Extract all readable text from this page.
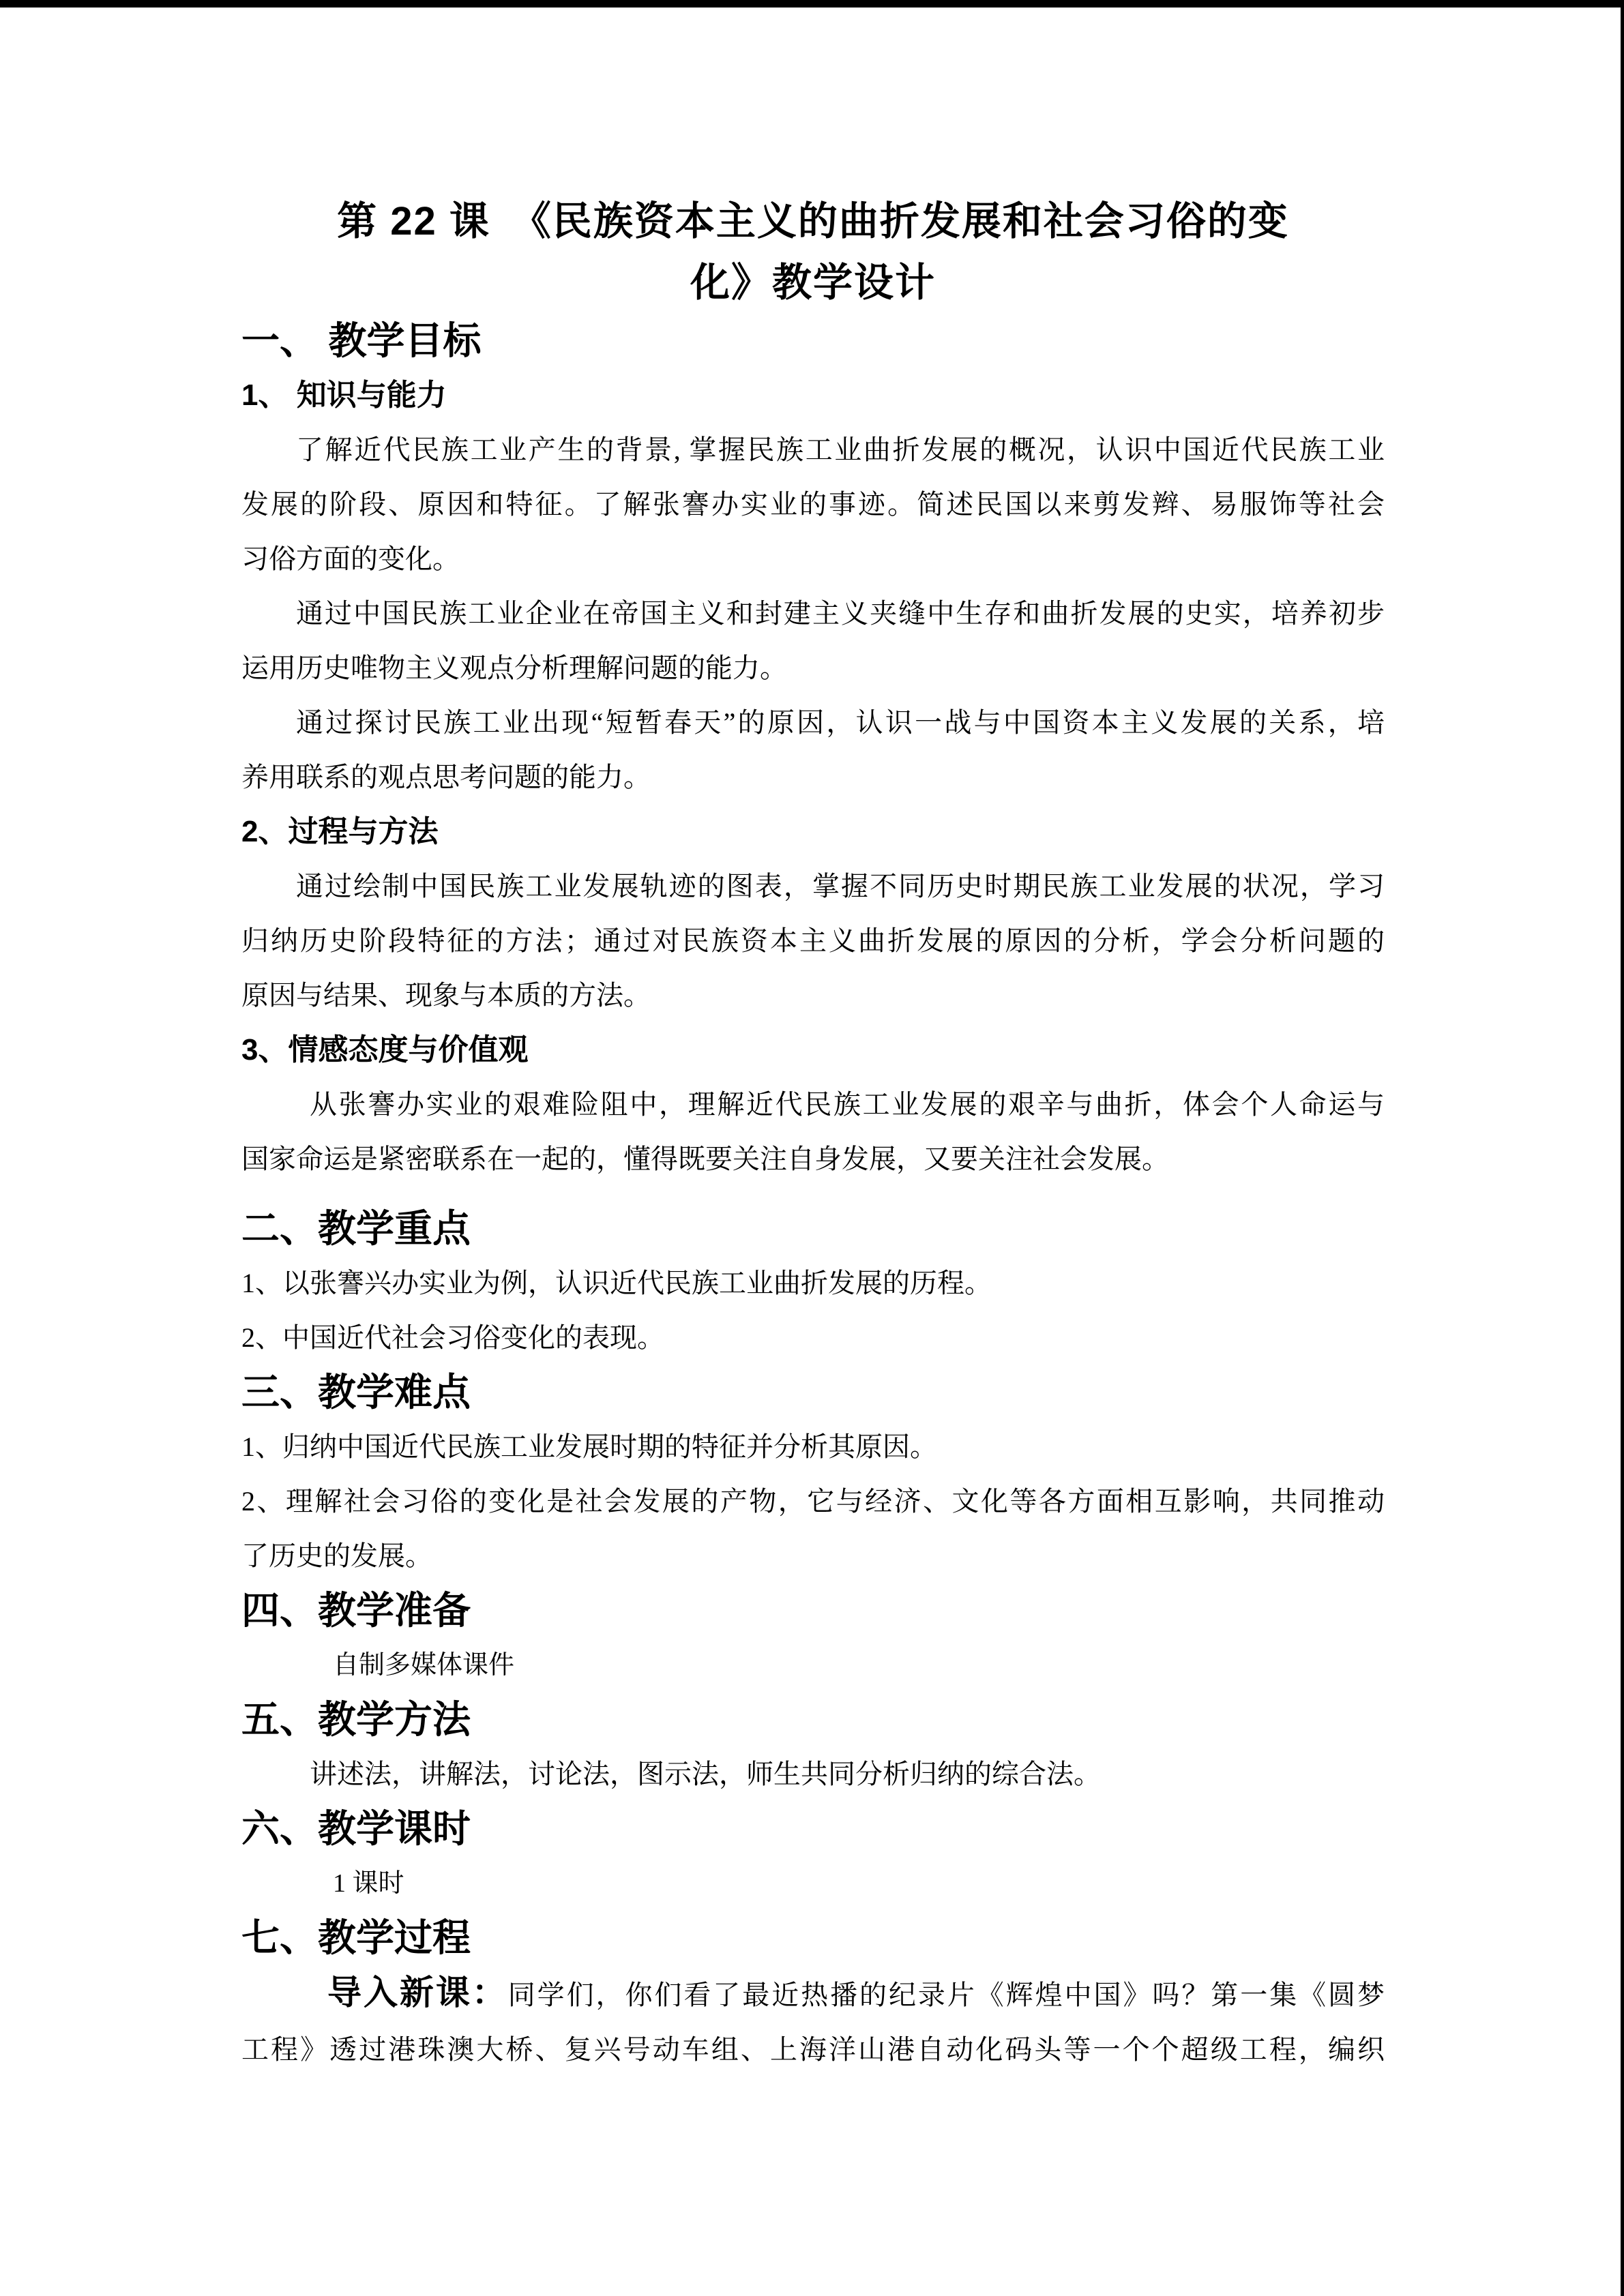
第 22 课　《民族资本主义的曲折发展和社会习俗的变
化》教学设计
一、 教学目标
1、 知识与能力
了解近代民族工业产生的背景, 掌握民族工业曲折发展的概况，认识中国近代民族工业
发展的阶段、原因和特征。了解张謇办实业的事迹。简述民国以来剪发辫、易服饰等社会
习俗方面的变化。
通过中国民族工业企业在帝国主义和封建主义夹缝中生存和曲折发展的史实，培养初步
运用历史唯物主义观点分析理解问题的能力。
通过探讨民族工业出现“短暂春天”的原因，认识一战与中国资本主义发展的关系，培
养用联系的观点思考问题的能力。
2、过程与方法
通过绘制中国民族工业发展轨迹的图表，掌握不同历史时期民族工业发展的状况，学习
归纳历史阶段特征的方法；通过对民族资本主义曲折发展的原因的分析，学会分析问题的
原因与结果、现象与本质的方法。
3、情感态度与价值观
从张謇办实业的艰难险阻中，理解近代民族工业发展的艰辛与曲折，体会个人命运与
国家命运是紧密联系在一起的，懂得既要关注自身发展，又要关注社会发展。
二、教学重点
1、以张謇兴办实业为例，认识近代民族工业曲折发展的历程。
2、中国近代社会习俗变化的表现。
三、教学难点
1、归纳中国近代民族工业发展时期的特征并分析其原因。
2、理解社会习俗的变化是社会发展的产物，它与经济、文化等各方面相互影响，共同推动
了历史的发展。
四、教学准备
自制多媒体课件
五、教学方法
讲述法，讲解法，讨论法，图示法，师生共同分析归纳的综合法。
六、教学课时
1 课时
七、教学过程
导入新课：同学们，你们看了最近热播的纪录片《辉煌中国》吗？第一集《圆梦
工程》透过港珠澳大桥、复兴号动车组、上海洋山港自动化码头等一个个超级工程，编织
